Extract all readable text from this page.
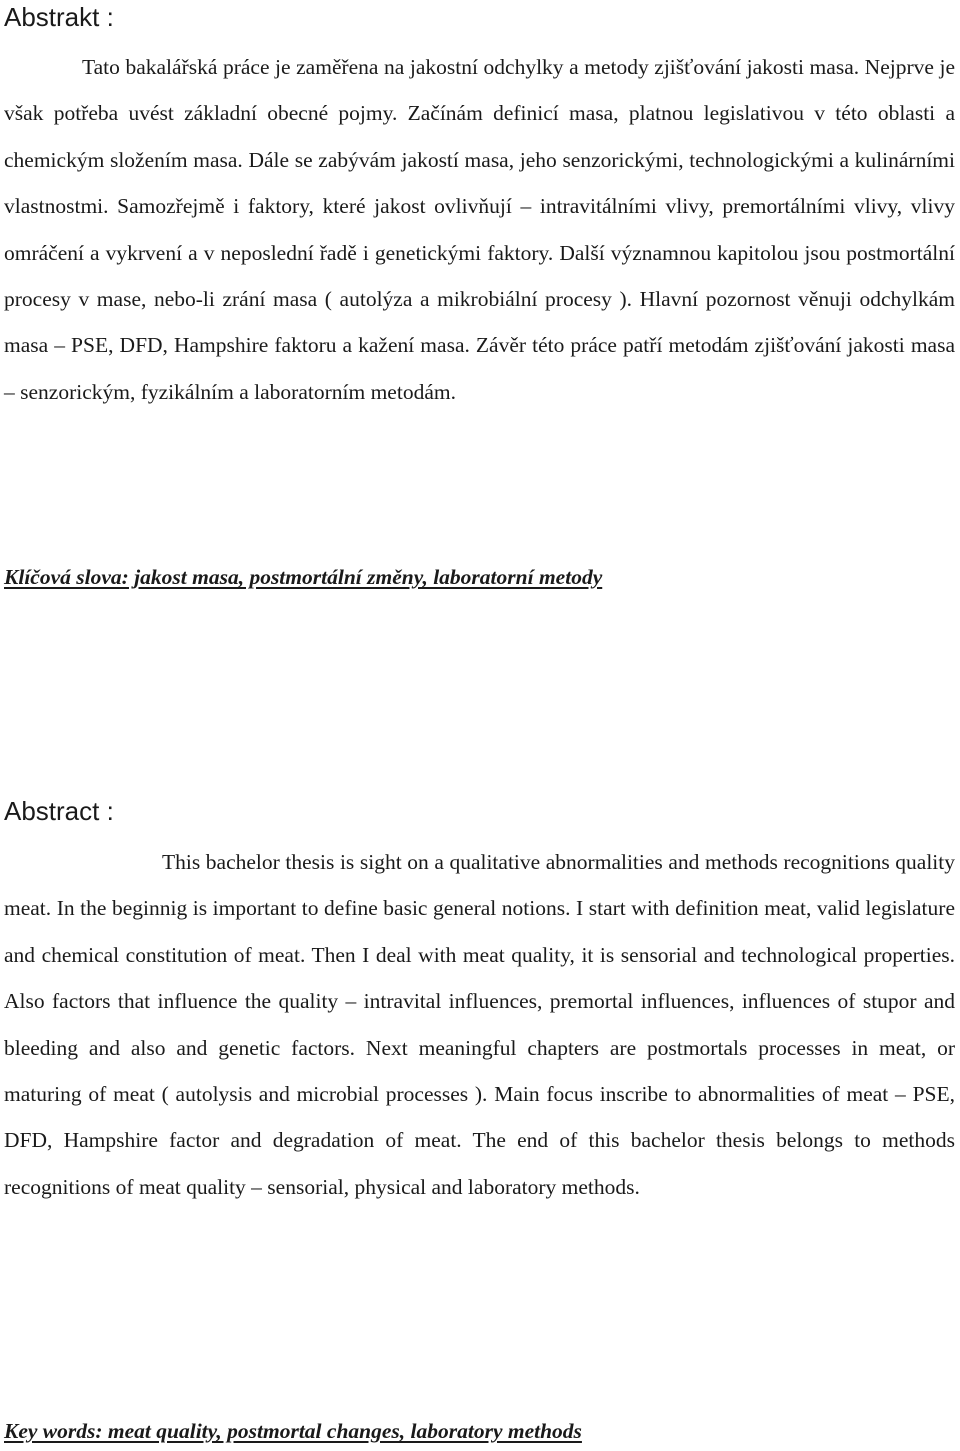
Abstrakt :

Tato bakalářská práce je zaměřena na jakostní odchylky a metody zjišťování jakosti masa. Nejprve je však potřeba uvést základní obecné pojmy. Začínám definicí masa, platnou legislativou v této oblasti a chemickým složením masa. Dále se zabývám jakostí masa, jeho senzorickými, technologickými a kulinárními vlastnostmi. Samozřejmě i faktory, které jakost ovlivňují – intravitálními vlivy, premortálními vlivy, vlivy omráčení a vykrvení a v neposlední řadě i genetickými faktory. Další významnou kapitolou jsou postmortální procesy v mase, nebo-li zrání masa ( autolýza a mikrobiální procesy ). Hlavní pozornost věnuji odchylkám masa – PSE, DFD, Hampshire faktoru a kažení masa. Závěr této práce patří metodám zjišťování jakosti masa – senzorickým, fyzikálním a laboratorním metodám.

Klíčová slova: jakost masa, postmortální změny, laboratorní metody

Abstract :

This bachelor thesis is sight on a qualitative abnormalities and methods recognitions quality meat. In the beginnig is important to define basic general notions. I start with definition meat, valid legislature and chemical constitution of meat. Then I deal with meat quality, it is sensorial and technological properties. Also factors that influence the quality – intravital influences, premortal influences, influences of stupor and bleeding and also and genetic factors. Next meaningful chapters are postmortals processes in meat, or maturing of meat ( autolysis and microbial processes ). Main focus inscribe to abnormalities of meat – PSE, DFD, Hampshire factor and degradation of meat. The end of this bachelor thesis belongs to methods recognitions of meat quality – sensorial, physical and laboratory methods.

Key words: meat quality, postmortal changes, laboratory methods
